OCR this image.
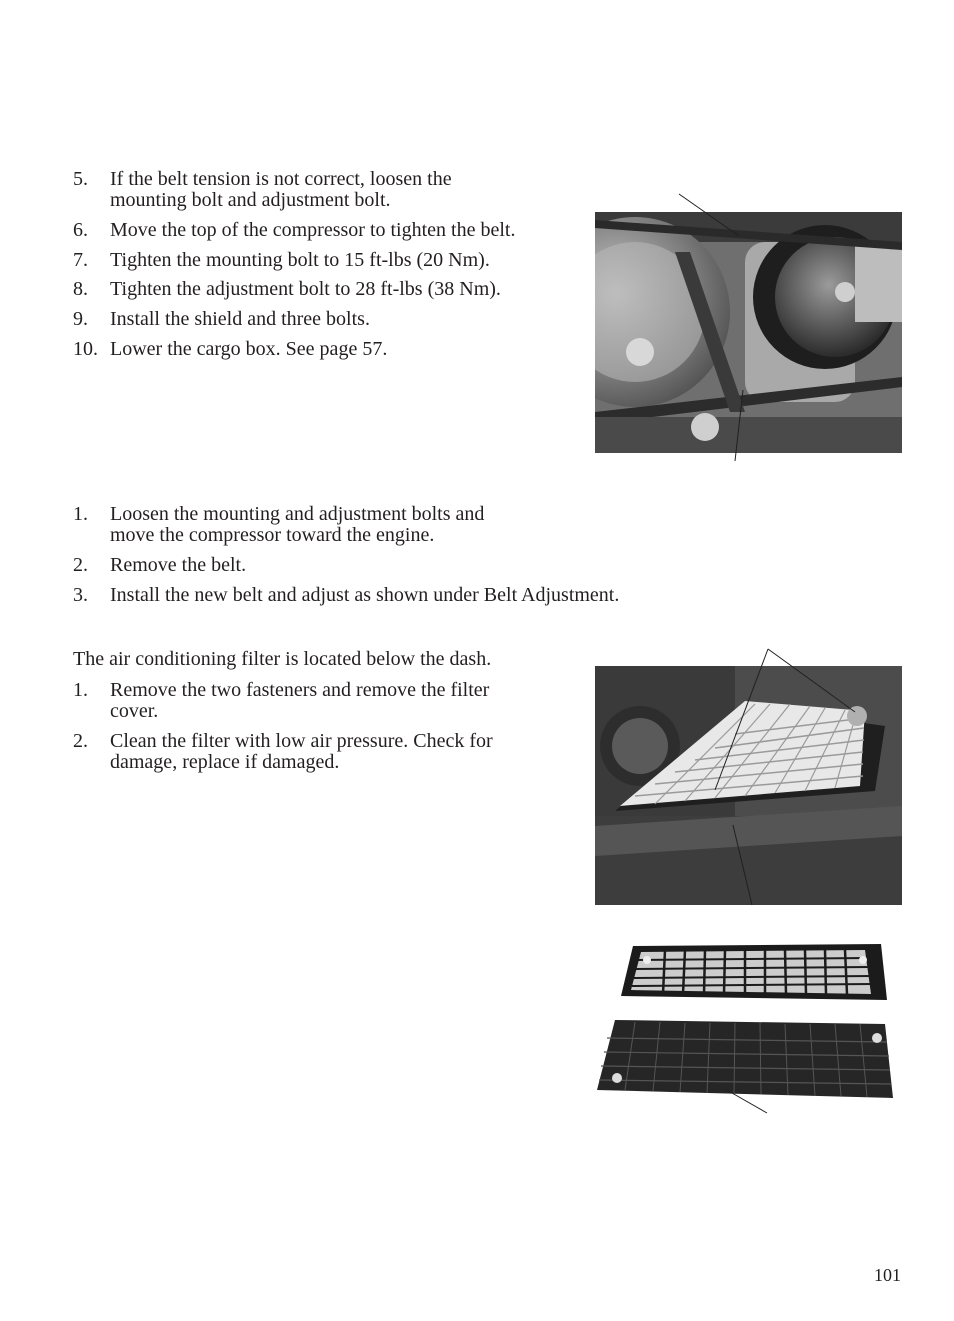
5. If the belt tension is not correct, loosen the
mounting bolt and adjustment bolt.
6. Move the top of the compressor to tighten the belt.
7. Tighten the mounting bolt to 15 ft-lbs (20 Nm).
8. Tighten the adjustment bolt to 28 ft-lbs (38 Nm).
9. Install the shield and three bolts.
10. Lower the cargo box. See page 57.
1. Loosen the mounting and adjustment bolts and
move the compressor toward the engine.
2. Remove the belt.
3. Install the new belt and adjust as shown under Belt Adjustment.
The air conditioning filter is located below the dash.
1. Remove the two fasteners and remove the filter
cover.
2. Clean the filter with low air pressure. Check for
damage, replace if damaged.
101
